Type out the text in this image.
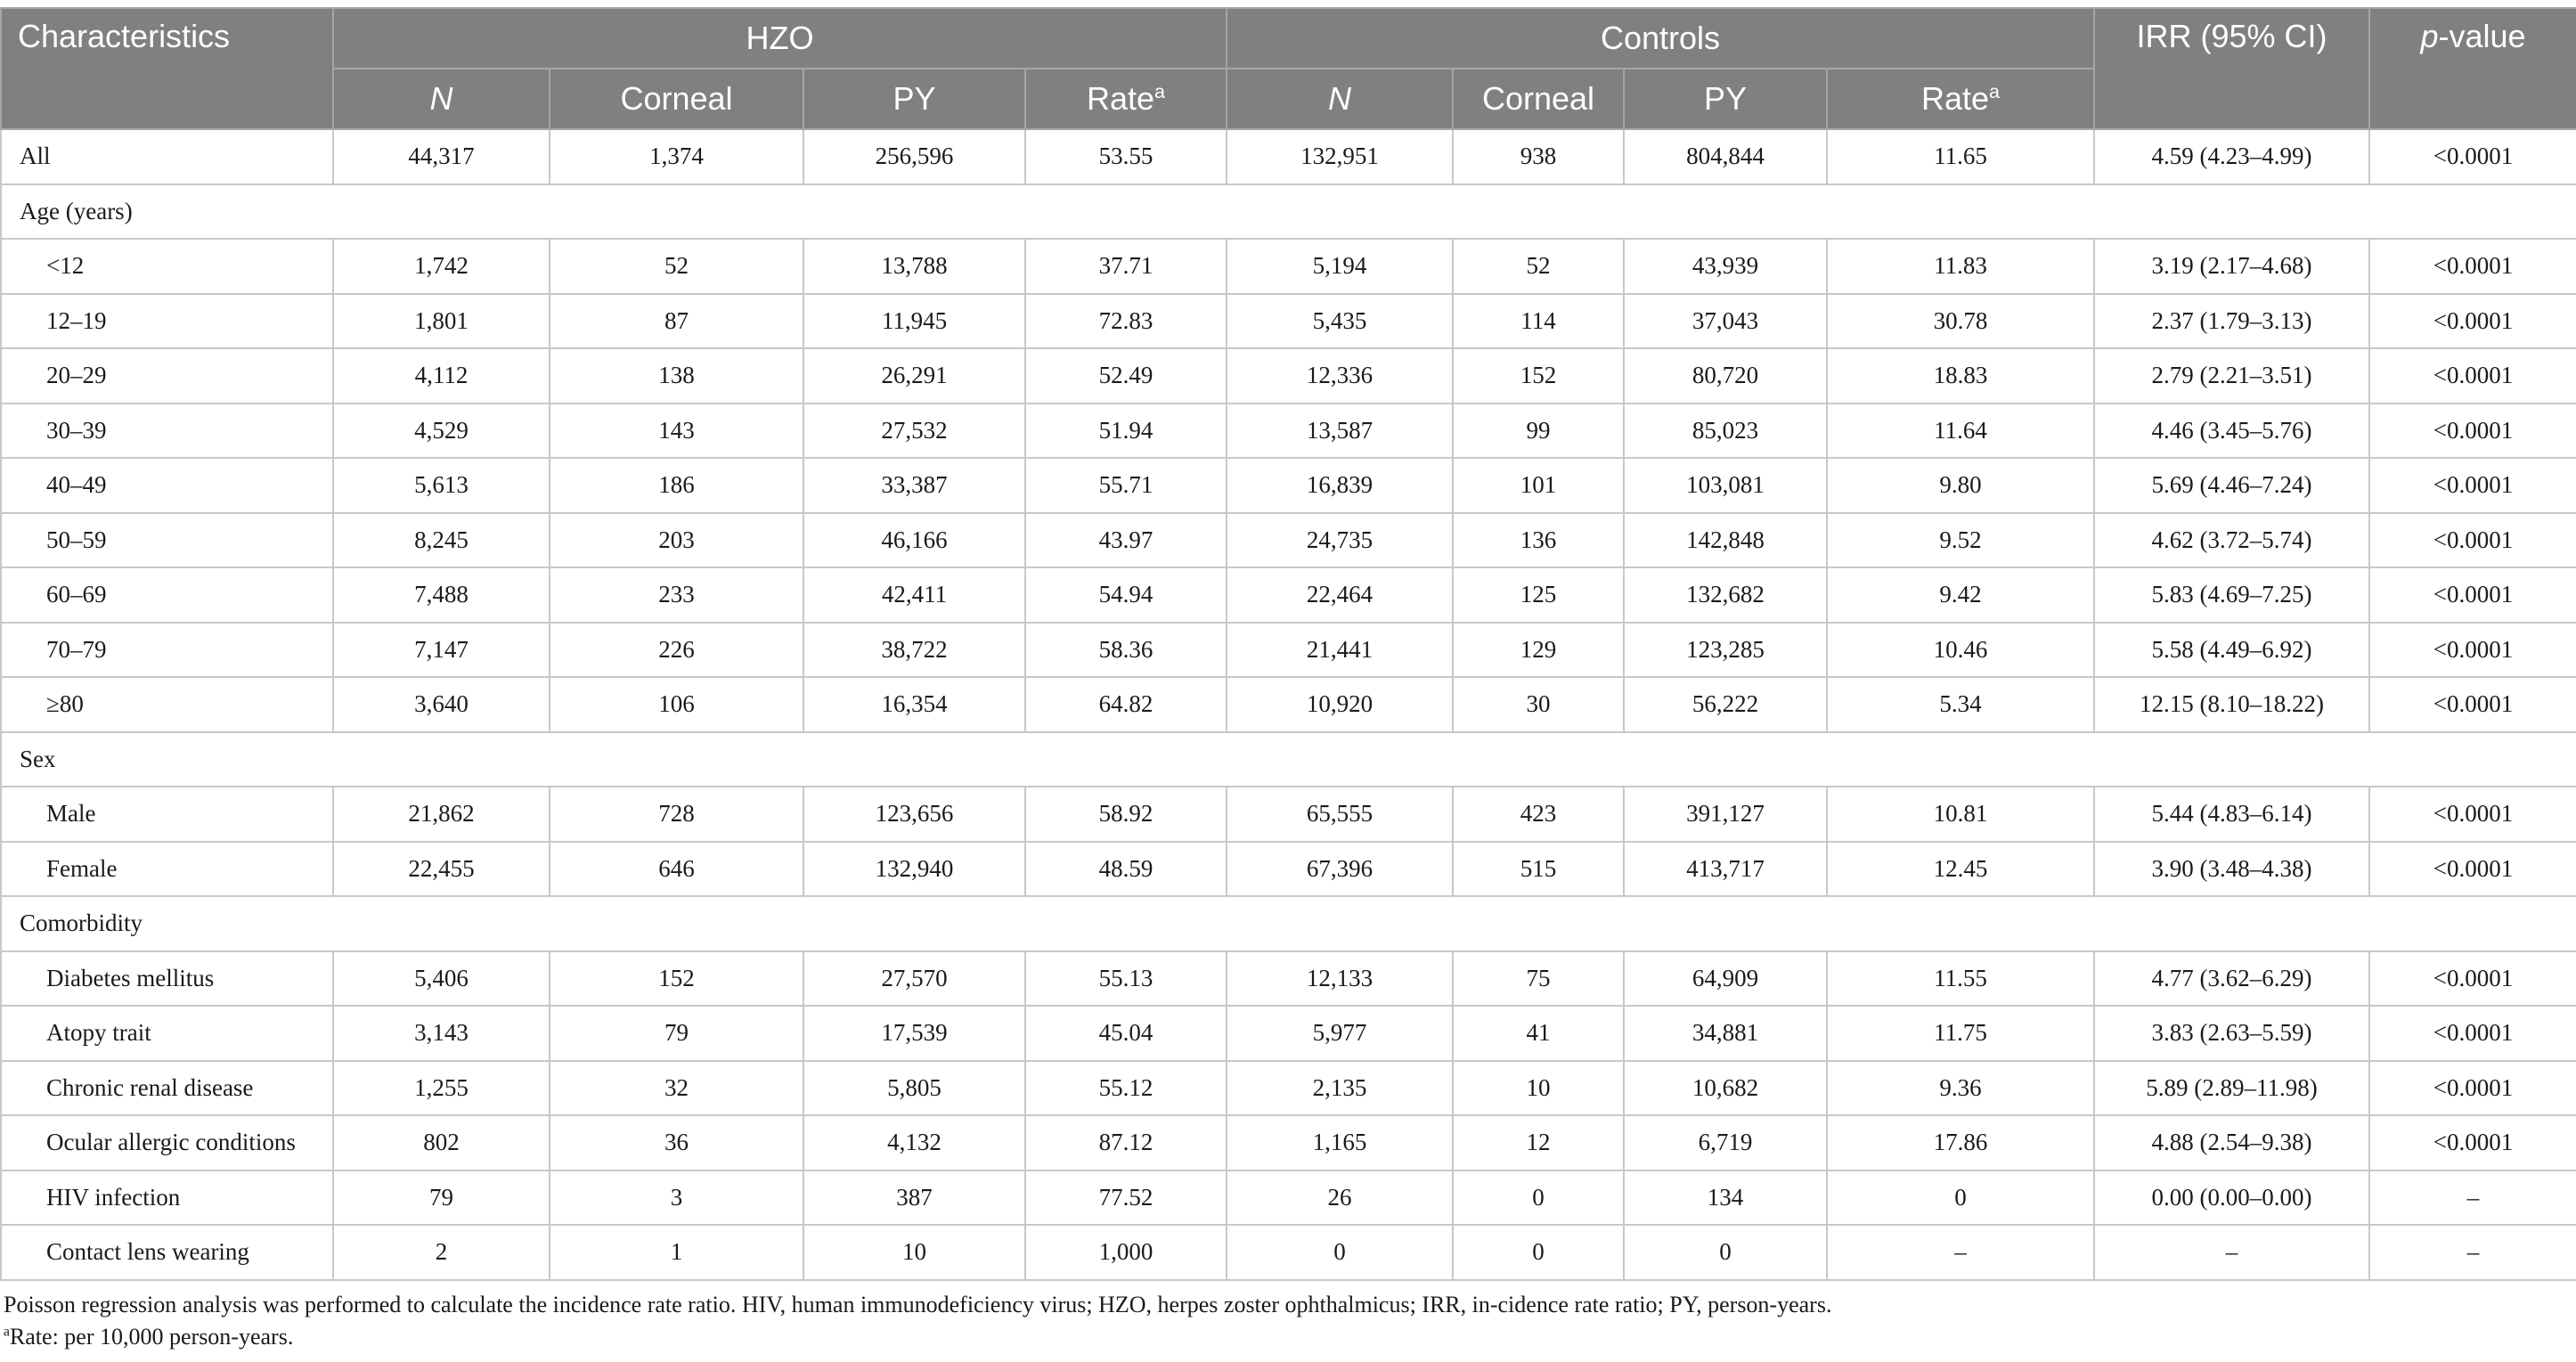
Characteristics	HZO				Controls				IRR (95% CI)	p-value
	N	Corneal	PY	Rate$^a$	N	Corneal	PY	Rate$^a$
All	44,317	1,374	256,596	53.55	132,951	938	804,844	11.65	4.59 (4.23–4.99)	<0.0001
Age (years)										
<12	1,742	52	13,788	37.71	5,194	52	43,939	11.83	3.19 (2.17–4.68)	<0.0001
12–19	1,801	87	11,945	72.83	5,435	114	37,043	30.78	2.37 (1.79–3.13)	<0.0001
20–29	4,112	138	26,291	52.49	12,336	152	80,720	18.83	2.79 (2.21–3.51)	<0.0001
30–39	4,529	143	27,532	51.94	13,587	99	85,023	11.64	4.46 (3.45–5.76)	<0.0001
40–49	5,613	186	33,387	55.71	16,839	101	103,081	9.80	5.69 (4.46–7.24)	<0.0001
50–59	8,245	203	46,166	43.97	24,735	136	142,848	9.52	4.62 (3.72–5.74)	<0.0001
60–69	7,488	233	42,411	54.94	22,464	125	132,682	9.42	5.83 (4.69–7.25)	<0.0001
70–79	7,147	226	38,722	58.36	21,441	129	123,285	10.46	5.58 (4.49–6.92)	<0.0001
≥80	3,640	106	16,354	64.82	10,920	30	56,222	5.34	12.15 (8.10–18.22)	<0.0001
Sex										
Male	21,862	728	123,656	58.92	65,555	423	391,127	10.81	5.44 (4.83–6.14)	<0.0001
Female	22,455	646	132,940	48.59	67,396	515	413,717	12.45	3.90 (3.48–4.38)	<0.0001
Comorbidity										
Diabetes mellitus	5,406	152	27,570	55.13	12,133	75	64,909	11.55	4.77 (3.62–6.29)	<0.0001
Atopy trait	3,143	79	17,539	45.04	5,977	41	34,881	11.75	3.83 (2.63–5.59)	<0.0001
Chronic renal disease	1,255	32	5,805	55.12	2,135	10	10,682	9.36	5.89 (2.89–11.98)	<0.0001
Ocular allergic conditions	802	36	4,132	87.12	1,165	12	6,719	17.86	4.88 (2.54–9.38)	<0.0001
HIV infection	79	3	387	77.52	26	0	134	0	0.00 (0.00–0.00)	–
Contact lens wearing	2	1	10	1,000	0	0	0	–	–	–
Poisson regression analysis was performed to calculate the incidence rate ratio. HIV, human immunodeficiency virus; HZO, herpes zoster ophthalmicus; IRR, in-cidence rate ratio; PY, person-years.
$^a$Rate: per 10,000 person-years.
